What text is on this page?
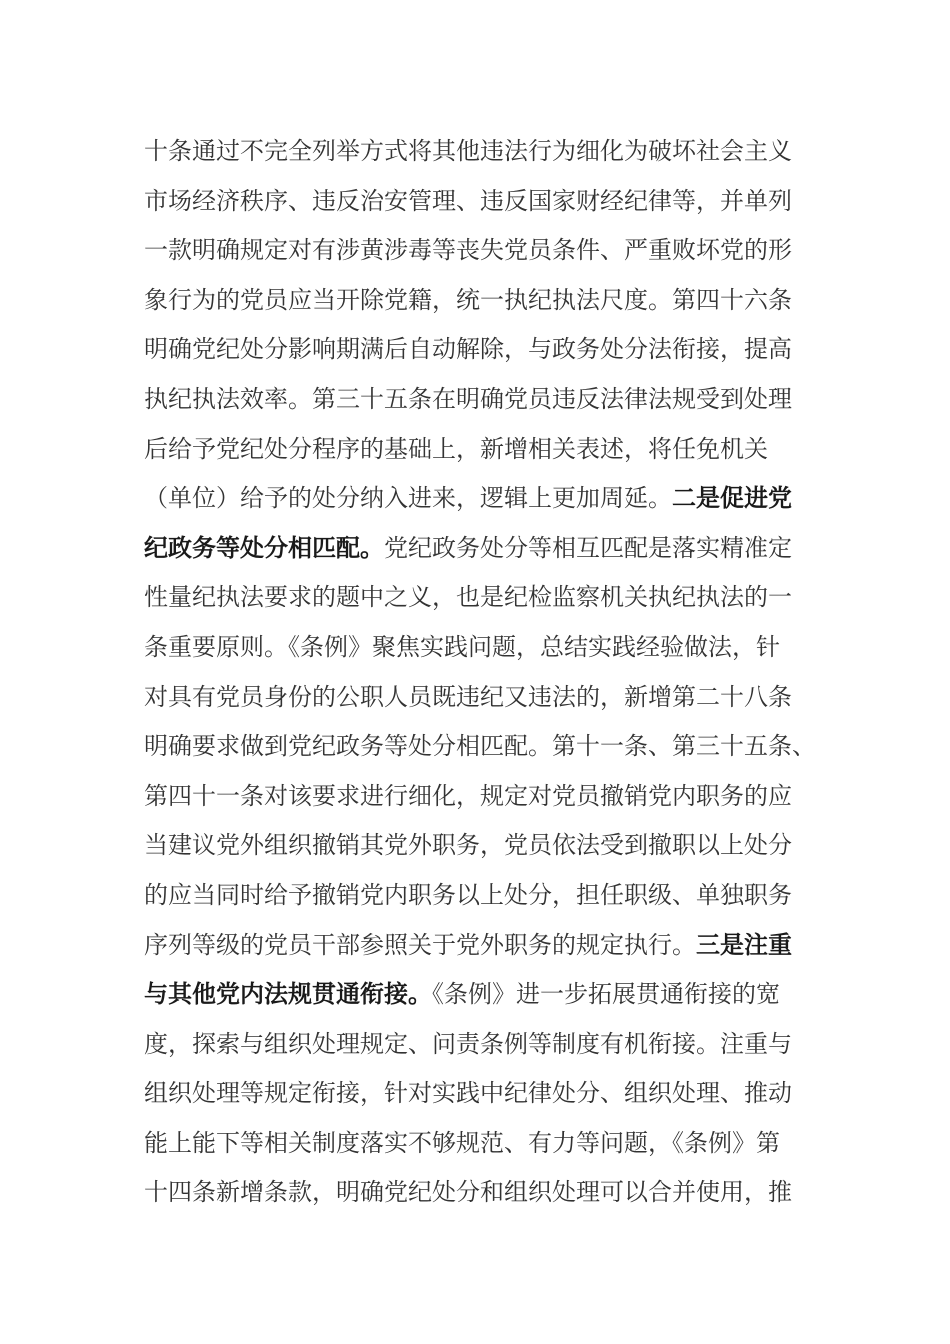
十条通过不完全列举方式将其他违法行为细化为破坏社会主义
市场经济秩序、违反治安管理、违反国家财经纪律等，并单列
一款明确规定对有涉黄涉毒等丧失党员条件、严重败坏党的形
象行为的党员应当开除党籍，统一执纪执法尺度。第四十六条
明确党纪处分影响期满后自动解除，与政务处分法衔接，提高
执纪执法效率。第三十五条在明确党员违反法律法规受到处理
后给予党纪处分程序的基础上，新增相关表述，将任免机关
（单位）给予的处分纳入进来，逻辑上更加周延。二是促进党
纪政务等处分相匹配。党纪政务处分等相互匹配是落实精准定
性量纪执法要求的题中之义，也是纪检监察机关执纪执法的一
条重要原则。《条例》聚焦实践问题，总结实践经验做法，针
对具有党员身份的公职人员既违纪又违法的，新增第二十八条
明确要求做到党纪政务等处分相匹配。第十一条、第三十五条、
第四十一条对该要求进行细化，规定对党员撤销党内职务的应
当建议党外组织撤销其党外职务，党员依法受到撤职以上处分
的应当同时给予撤销党内职务以上处分，担任职级、单独职务
序列等级的党员干部参照关于党外职务的规定执行。三是注重
与其他党内法规贯通衔接。《条例》进一步拓展贯通衔接的宽
度，探索与组织处理规定、问责条例等制度有机衔接。注重与
组织处理等规定衔接，针对实践中纪律处分、组织处理、推动
能上能下等相关制度落实不够规范、有力等问题，《条例》第
十四条新增条款，明确党纪处分和组织处理可以合并使用，推
